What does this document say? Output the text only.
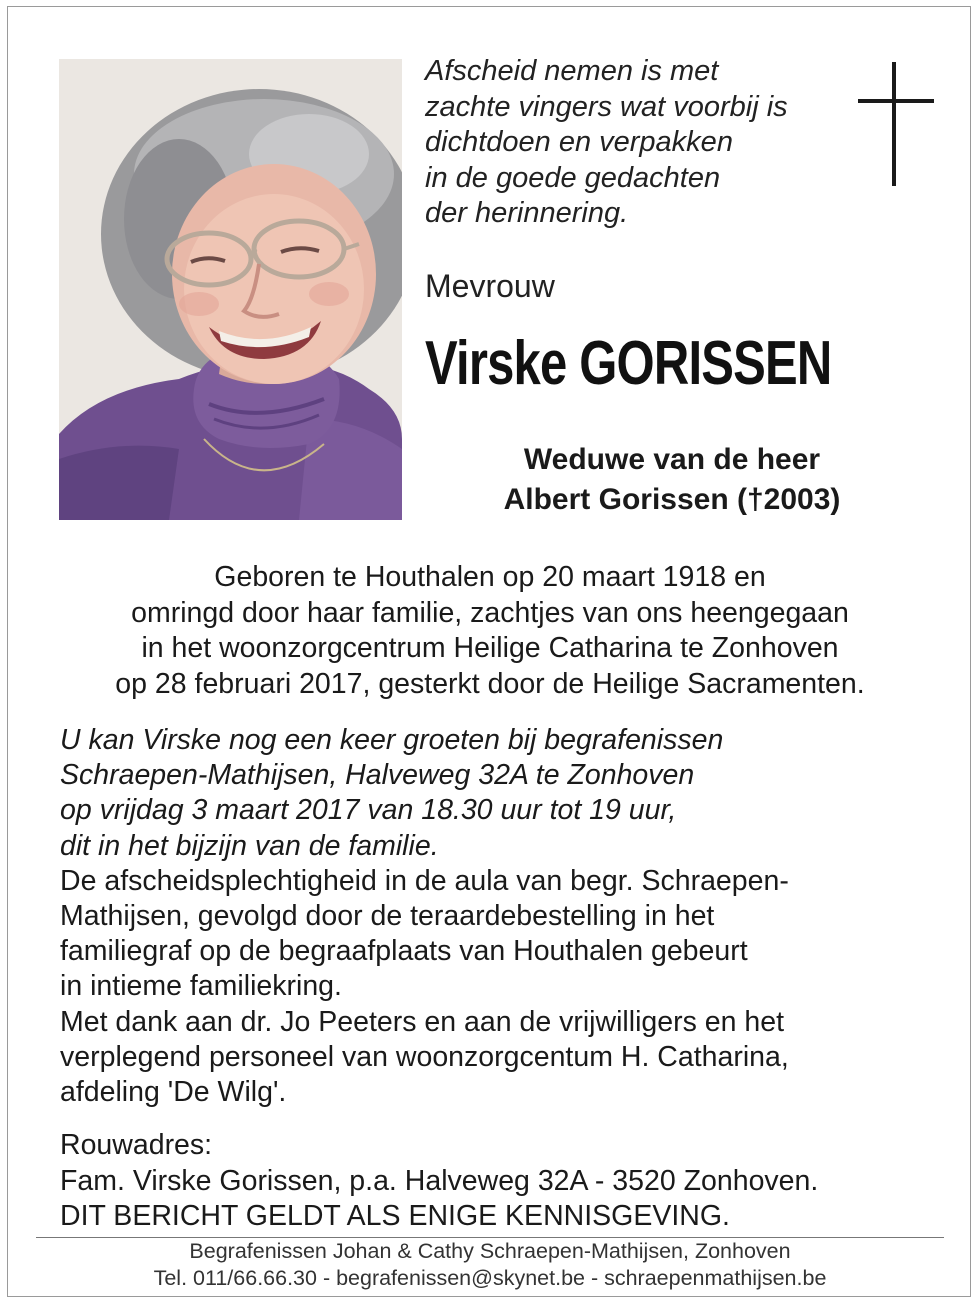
Afscheid nemen is met
zachte vingers wat voorbij is
dichtdoen en verpakken
in de goede gedachten
der herinnering.
Mevrouw
Virske GORISSEN
Weduwe van de heer
Albert Gorissen (†2003)
Geboren te Houthalen op 20 maart 1918 en
omringd door haar familie, zachtjes van ons heengegaan
in het woonzorgcentrum Heilige Catharina te Zonhoven
op 28 februari 2017, gesterkt door de Heilige Sacramenten.
U kan Virske nog een keer groeten bij begrafenissen
Schraepen-Mathijsen, Halveweg 32A te Zonhoven
op vrijdag 3 maart 2017 van 18.30 uur tot 19 uur,
dit in het bijzijn van de familie.
De afscheidsplechtigheid in de aula van begr. Schraepen-
Mathijsen, gevolgd door de teraardebestelling in het
familiegraf op de begraafplaats van Houthalen gebeurt
in intieme familiekring.
Met dank aan dr. Jo Peeters en aan de vrijwilligers en het
verplegend personeel van woonzorgcentum H. Catharina,
afdeling 'De Wilg'.
Rouwadres:
Fam. Virske Gorissen, p.a. Halveweg 32A - 3520 Zonhoven.
DIT BERICHT GELDT ALS ENIGE KENNISGEVING.
Begrafenissen Johan & Cathy Schraepen-Mathijsen, Zonhoven
Tel. 011/66.66.30 - begrafenissen@skynet.be - schraepenmathijsen.be
